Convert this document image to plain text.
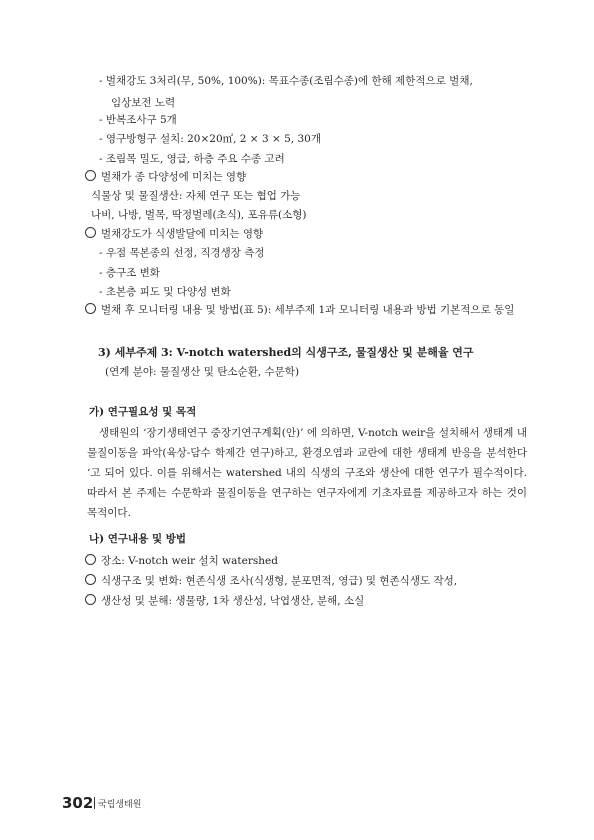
- 벌채강도 3처리(무, 50%, 100%): 목표수종(조림수종)에 한해 제한적으로 벌채,
임상보전 노력
- 반복조사구 5개
- 영구방형구 설치: 20×20㎡, 2 × 3 × 5, 30개
- 조림목 밀도, 영급, 하층 주요 수종 고려
벌채가 종 다양성에 미치는 영향
식물상 및 물질생산: 자체 연구 또는 협업 가능
나비, 나방, 벌목, 딱정벌레(초식), 포유류(소형)
벌채강도가 식생발달에 미치는 영향
- 우점 목본종의 선정, 직경생장 측정
- 층구조 변화
- 초본층 피도 및 다양성 변화
벌채 후 모니터링 내용 및 방법(표 5): 세부주제 1과 모니터링 내용과 방법 기본적으로 동일
3) 세부주제 3: V-notch watershed의 식생구조, 물질생산 및 분해율 연구
(연계 분야: 물질생산 및 탄소순환, 수문학)
가) 연구필요성 및 목적
생태원의 ‘장기생태연구 중장기연구계획(안)’ 에 의하면, V-notch weir을 설치해서 생태계 내 물질이동을 파악(육상-담수 학제간 연구)하고, 환경오염과 교란에 대한 생태계 반응을 분석한다 ‘고 되어 있다. 이를 위해서는 watershed 내의 식생의 구조와 생산에 대한 연구가 필수적이다. 따라서 본 주제는 수문학과 물질이동을 연구하는 연구자에게 기초자료를 제공하고자 하는 것이 목적이다.
나) 연구내용 및 방법
장소: V-notch weir 설치 watershed
식생구조 및 변화: 현존식생 조사(식생형, 분포면적, 영급) 및 현존식생도 작성,
생산성 및 분해: 생물량, 1차 생산성, 낙엽생산, 분해, 소실
302 국립생태원
